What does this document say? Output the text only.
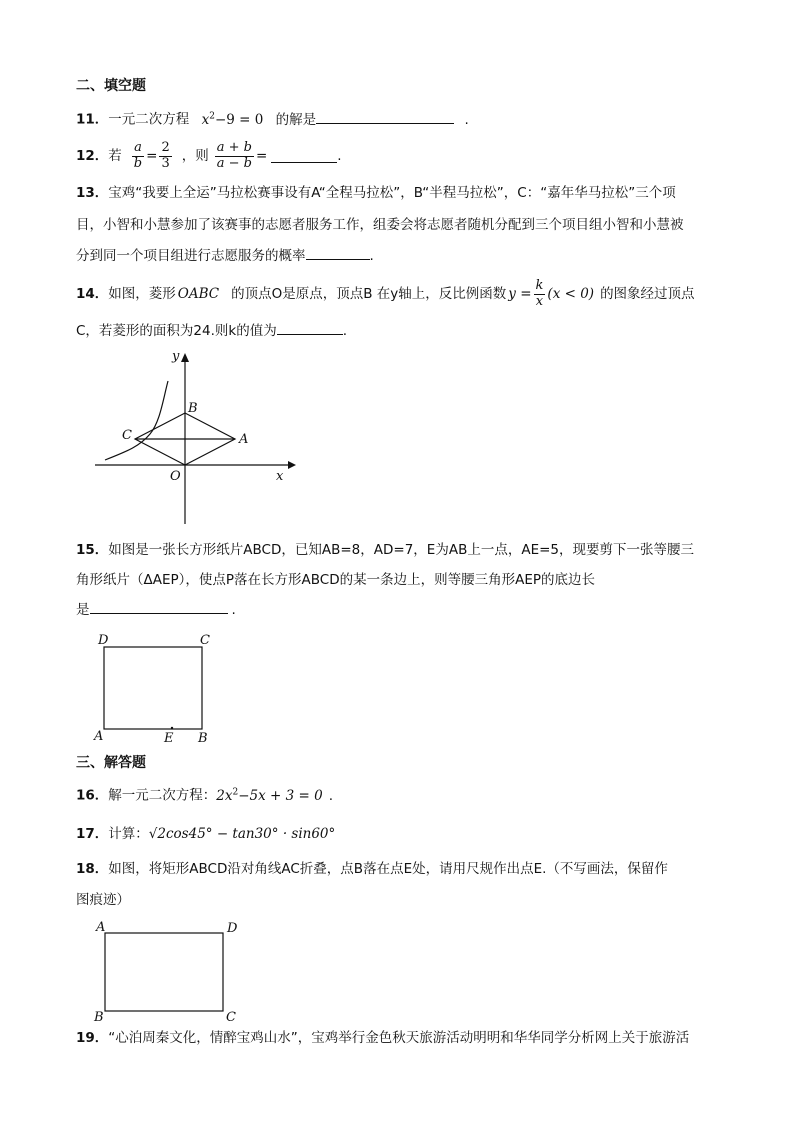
二、填空题
11．一元二次方程 $x^2-9 = 0$ 的解是	.
12． 若 $\frac{a}{b} = \frac{2}{3}$ ，则 $\frac{a + b}{a - b}$ =	.
13．宝鸡“我要上全运”马拉松赛事设有A“全程马拉松”，B“半程马拉松”，C：“嘉年华马拉松”三个项
目，小智和小慧参加了该赛事的志愿者服务工作，组委会将志愿者随机分配到三个项目组小智和小慧被
分到同一个项目组进行志愿服务的概率	.
14． 如图，菱形 OABC 的顶点O是原点，顶点B 在y轴上，反比例函数 $y = \frac{k}{x} (x < 0)$ 的图象经过顶点
C，若菱形的面积为24.则k的值为	.
y
x
B
A
C
O
15．如图是一张长方形纸片ABCD，已知AB=8，AD=7，E为AB上一点，AE=5，现要剪下一张等腰三
角形纸片（ΔAEP），使点P落在长方形ABCD的某一条边上，则等腰三角形AEP的底边长
是	.
D	C
A	E B
三、解答题
16．解一元二次方程：$2x^2-5x + 3 = 0$ .
17．计算：√2cos45° − tan30° · sin60°
18．如图，将矩形ABCD沿对角线AC折叠，点B落在点E处，请用尺规作出点E.（不写画法，保留作
图痕迹）
A	D
B	C
19．“心泊周秦文化，情醉宝鸡山水”，宝鸡举行金色秋天旅游活动明明和华华同学分析网上关于旅游活
